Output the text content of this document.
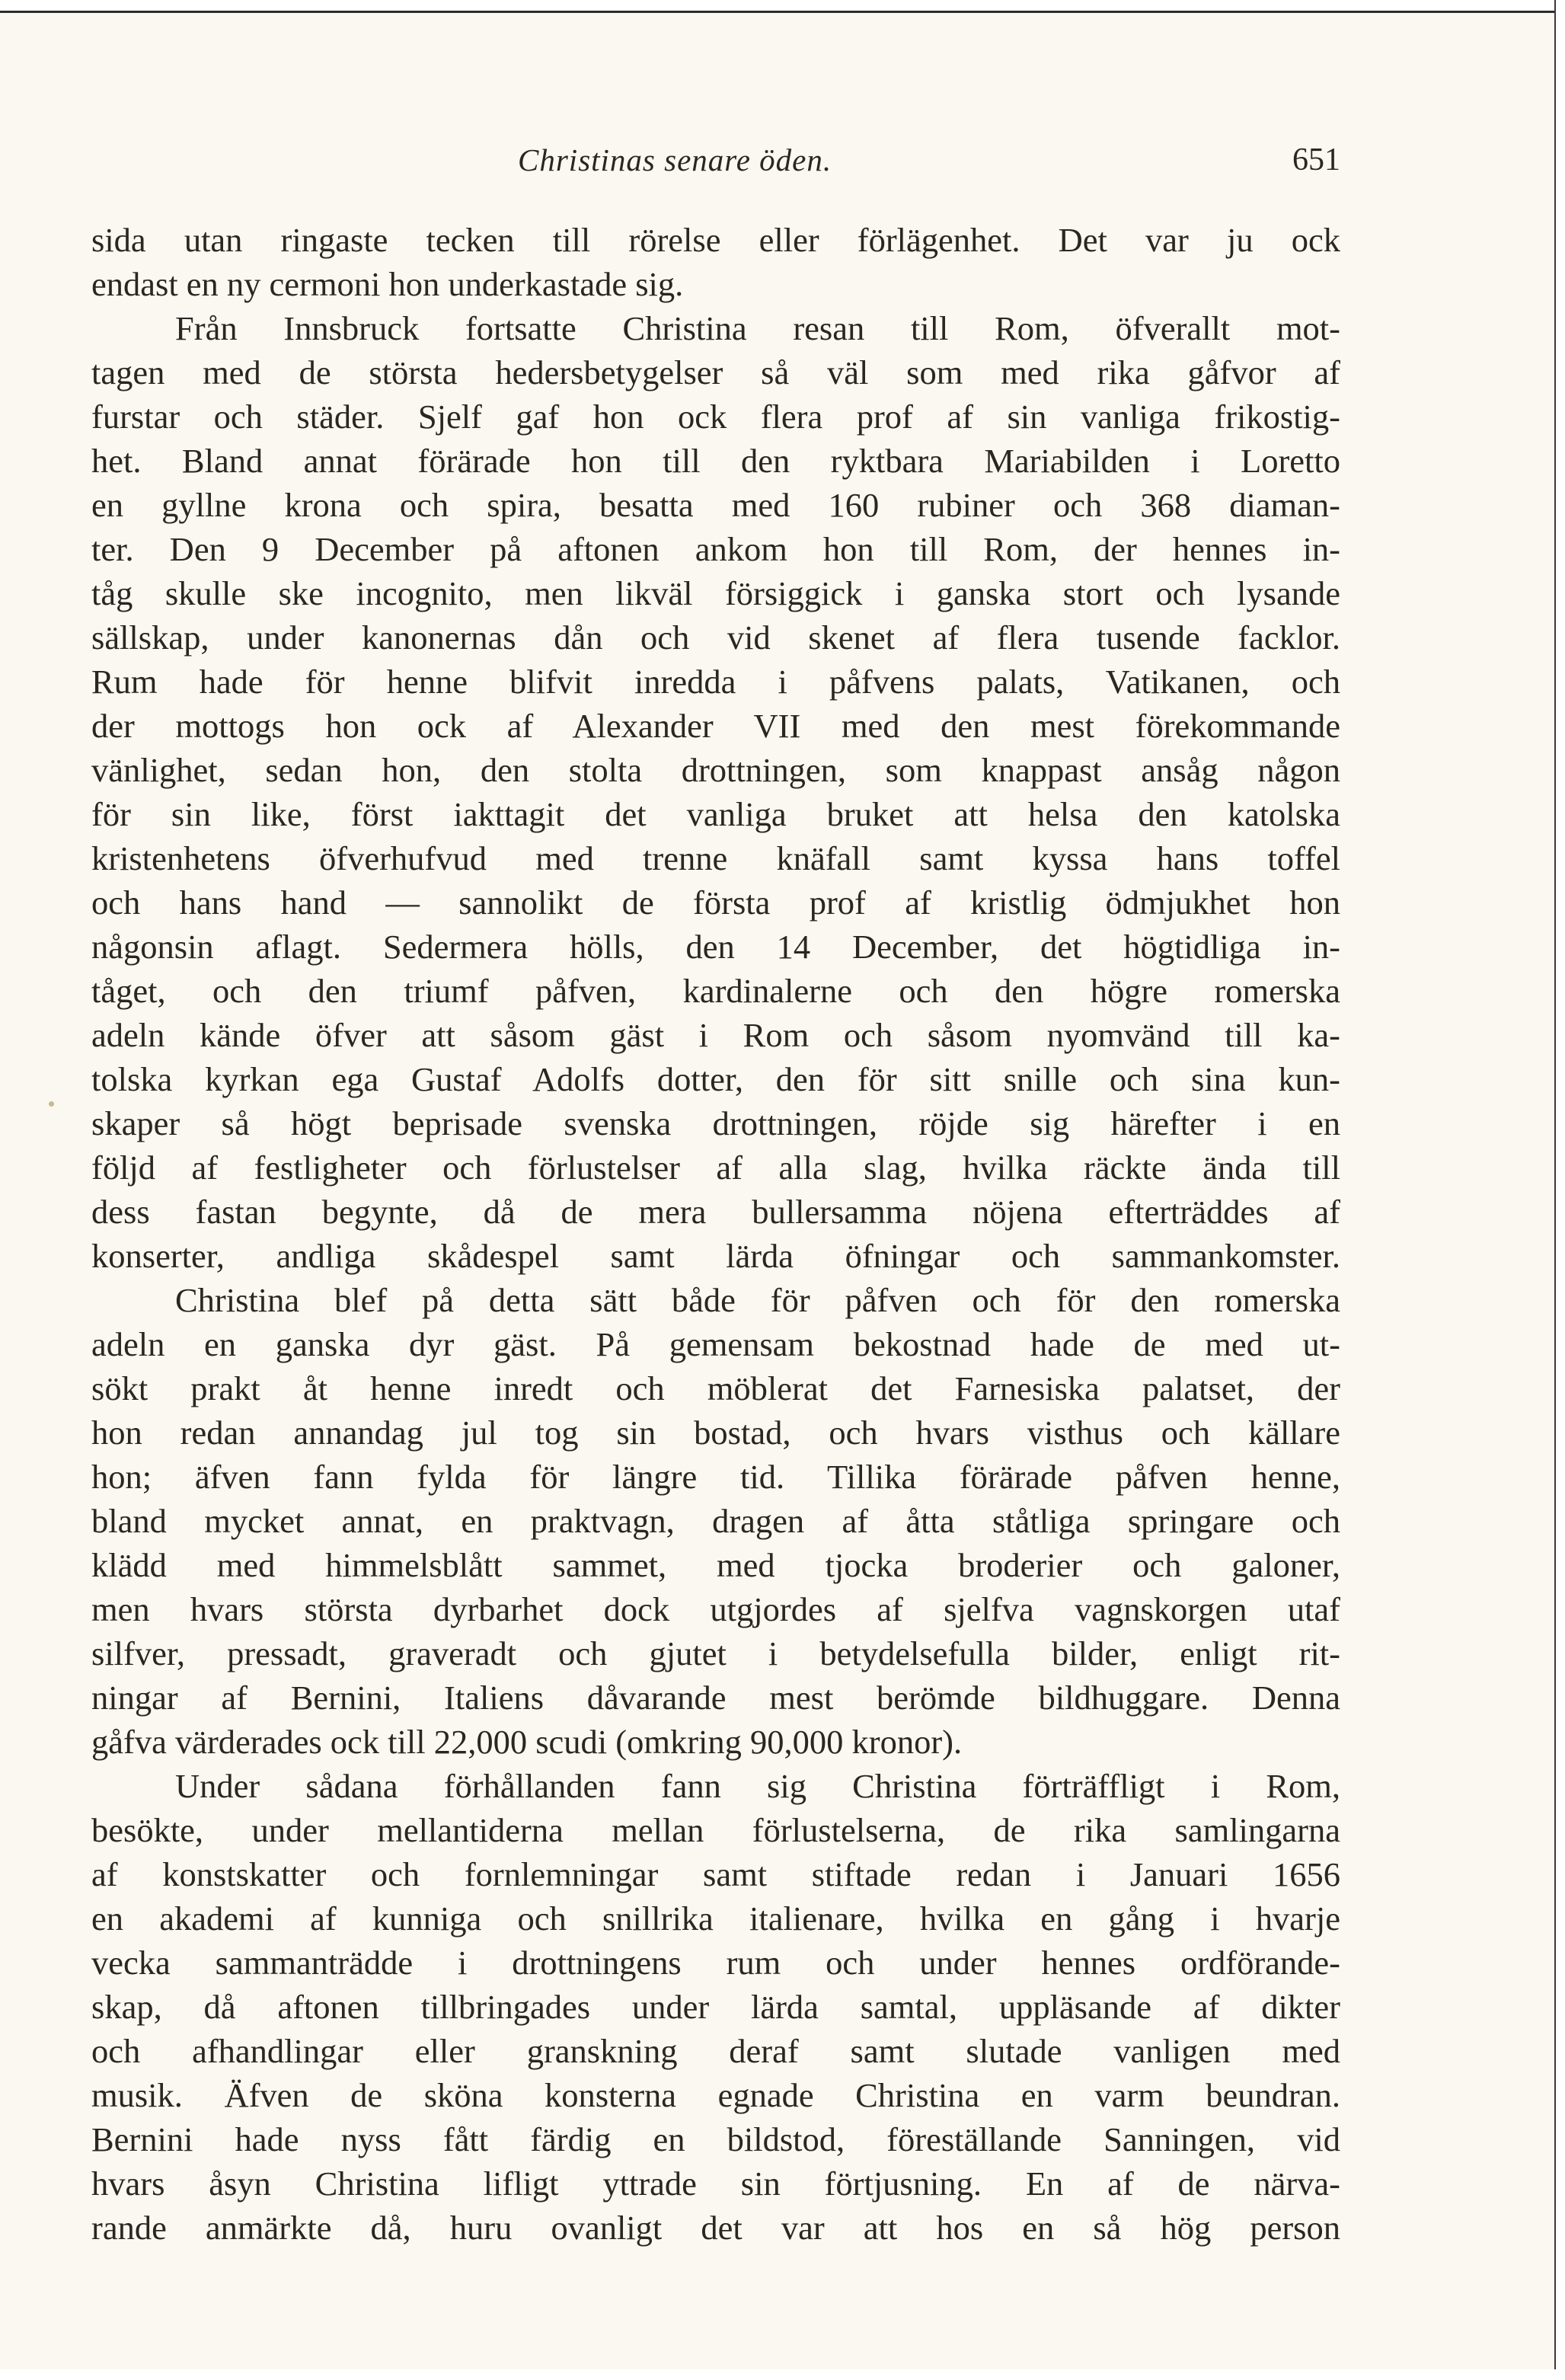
Christinas senare öden.	651
sida utan ringaste tecken till rörelse eller förlägenhet. Det var ju ock
endast en ny cermoni hon underkastade sig.
Från Innsbruck fortsatte Christina resan till Rom, öfverallt mot-
tagen med de största hedersbetygelser så väl som med rika gåfvor af
furstar och städer. Sjelf gaf hon ock flera prof af sin vanliga frikostig-
het. Bland annat förärade hon till den ryktbara Mariabilden i Loretto
en gyllne krona och spira, besatta med 160 rubiner och 368 diaman-
ter. Den 9 December på aftonen ankom hon till Rom, der hennes in-
tåg skulle ske incognito, men likväl försiggick i ganska stort och lysande
sällskap, under kanonernas dån och vid skenet af flera tusende facklor.
Rum hade för henne blifvit inredda i påfvens palats, Vatikanen, och
der mottogs hon ock af Alexander VII med den mest förekommande
vänlighet, sedan hon, den stolta drottningen, som knappast ansåg någon
för sin like, först iakttagit det vanliga bruket att helsa den katolska
kristenhetens öfverhufvud med trenne knäfall samt kyssa hans toffel
och hans hand — sannolikt de första prof af kristlig ödmjukhet hon
någonsin aflagt. Sedermera hölls, den 14 December, det högtidliga in-
tåget, och den triumf påfven, kardinalerne och den högre romerska
adeln kände öfver att såsom gäst i Rom och såsom nyomvänd till ka-
tolska kyrkan ega Gustaf Adolfs dotter, den för sitt snille och sina kun-
skaper så högt beprisade svenska drottningen, röjde sig härefter i en
följd af festligheter och förlustelser af alla slag, hvilka räckte ända till
dess fastan begynte, då de mera bullersamma nöjena efterträddes af
konserter, andliga skådespel samt lärda öfningar och sammankomster.
Christina blef på detta sätt både för påfven och för den romerska
adeln en ganska dyr gäst. På gemensam bekostnad hade de med ut-
sökt prakt åt henne inredt och möblerat det Farnesiska palatset, der
hon redan annandag jul tog sin bostad, och hvars visthus och källare
hon; äfven fann fylda för längre tid. Tillika förärade påfven henne,
bland mycket annat, en praktvagn, dragen af åtta ståtliga springare och
klädd med himmelsblått sammet, med tjocka broderier och galoner,
men hvars största dyrbarhet dock utgjordes af sjelfva vagnskorgen utaf
silfver, pressadt, graveradt och gjutet i betydelsefulla bilder, enligt rit-
ningar af Bernini, Italiens dåvarande mest berömde bildhuggare. Denna
gåfva värderades ock till 22,000 scudi (omkring 90,000 kronor).
Under sådana förhållanden fann sig Christina förträffligt i Rom,
besökte, under mellantiderna mellan förlustelserna, de rika samlingarna
af konstskatter och fornlemningar samt stiftade redan i Januari 1656
en akademi af kunniga och snillrika italienare, hvilka en gång i hvarje
vecka sammanträdde i drottningens rum och under hennes ordförande-
skap, då aftonen tillbringades under lärda samtal, uppläsande af dikter
och afhandlingar eller granskning deraf samt slutade vanligen med
musik. Äfven de sköna konsterna egnade Christina en varm beundran.
Bernini hade nyss fått färdig en bildstod, föreställande Sanningen, vid
hvars åsyn Christina lifligt yttrade sin förtjusning. En af de närva-
rande anmärkte då, huru ovanligt det var att hos en så hög person
